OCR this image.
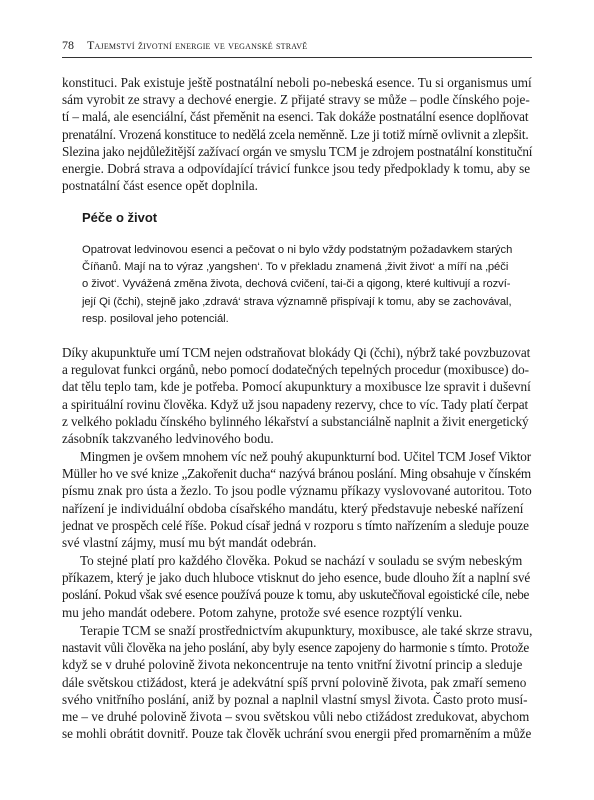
78 Tajemství životní energie ve veganské stravě
konstituci. Pak existuje ještě postnatální neboli po-nebeská esence. Tu si organismus umí
sám vyrobit ze stravy a dechové energie. Z přijaté stravy se může – podle čínského poje-
tí – malá, ale esenciální, část přeměnit na esenci. Tak dokáže postnatální esence doplňovat
prenatální. Vrozená konstituce to nedělá zcela neměnně. Lze ji totiž mírně ovlivnit a zlepšit.
Slezina jako nejdůležitější zažívací orgán ve smyslu TCM je zdrojem postnatální konstituční
energie. Dobrá strava a odpovídající trávicí funkce jsou tedy předpoklady k tomu, aby se
postnatální část esence opět doplnila.
Péče o život
Opatrovat ledvinovou esenci a pečovat o ni bylo vždy podstatným požadavkem starých
Číňanů. Mají na to výraz ‚yangshen‘. To v překladu znamená ‚živit život‘ a míří na ‚péči
o život‘. Vyvážená změna života, dechová cvičení, tai-či a qigong, které kultivují a rozví-
její Qi (čchi), stejně jako ‚zdravá‘ strava významně přispívají k tomu, aby se zachovával,
resp. posiloval jeho potenciál.
Díky akupunktuře umí TCM nejen odstraňovat blokády Qi (čchi), nýbrž také povzbuzovat
a regulovat funkci orgánů, nebo pomocí dodatečných tepelných procedur (moxibusce) do-
dat tělu teplo tam, kde je potřeba. Pomocí akupunktury a moxibusce lze spravit i duševní
a spirituální rovinu člověka. Když už jsou napadeny rezervy, chce to víc. Tady platí čerpat
z velkého pokladu čínského bylinného lékařství a substanciálně naplnit a živit energetický
zásobník takzvaného ledvinového bodu.
Mingmen je ovšem mnohem víc než pouhý akupunkturní bod. Učitel TCM Josef Viktor
Müller ho ve své knize „Zakořenit ducha“ nazývá bránou poslání. Ming obsahuje v čínském
písmu znak pro ústa a žezlo. To jsou podle významu příkazy vyslovované autoritou. Toto
nařízení je individuální obdoba císařského mandátu, který představuje nebeské nařízení
jednat ve prospěch celé říše. Pokud císař jedná v rozporu s tímto nařízením a sleduje pouze
své vlastní zájmy, musí mu být mandát odebrán.
To stejné platí pro každého člověka. Pokud se nachází v souladu se svým nebeským
příkazem, který je jako duch hluboce vtisknut do jeho esence, bude dlouho žít a naplní své
poslání. Pokud však své esence používá pouze k tomu, aby uskutečňoval egoistické cíle, nebe
mu jeho mandát odebere. Potom zahyne, protože své esence rozptýlí venku.
Terapie TCM se snaží prostřednictvím akupunktury, moxibusce, ale také skrze stravu,
nastavit vůli člověka na jeho poslání, aby byly esence zapojeny do harmonie s tímto. Protože
když se v druhé polovině života nekoncentruje na tento vnitřní životní princip a sleduje
dále světskou ctižádost, která je adekvátní spíš první polovině života, pak zmaří semeno
svého vnitřního poslání, aniž by poznal a naplnil vlastní smysl života. Často proto musí-
me – ve druhé polovině života – svou světskou vůli nebo ctižádost zredukovat, abychom
se mohli obrátit dovnitř. Pouze tak člověk uchrání svou energii před promarněním a může
